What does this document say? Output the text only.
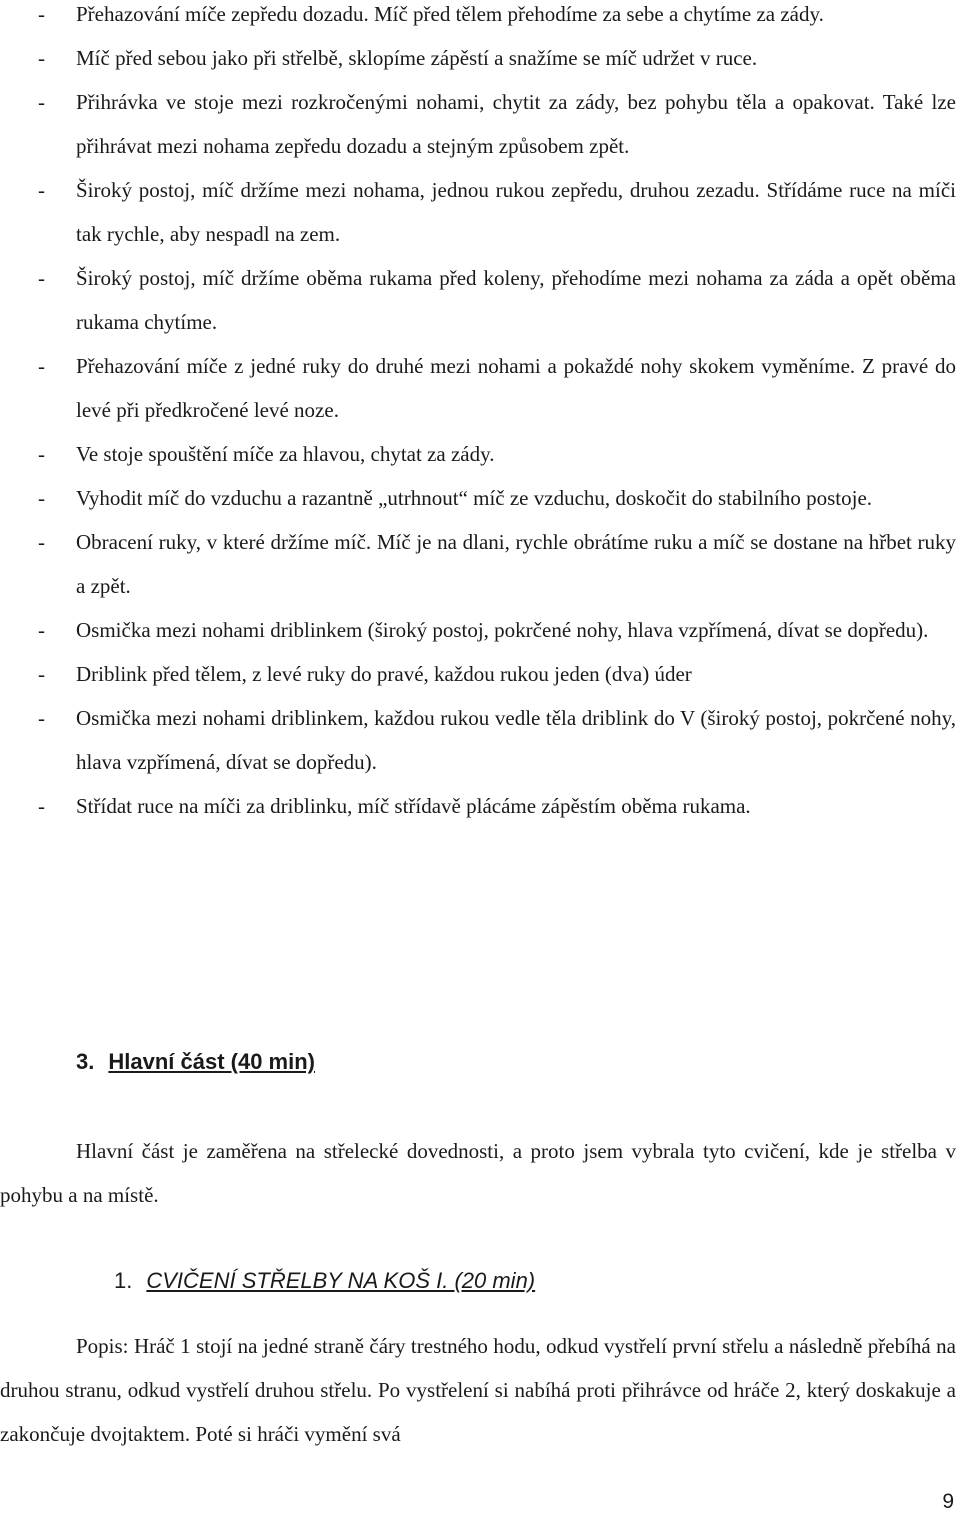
- Přehazování míče zepředu dozadu. Míč před tělem přehodíme za sebe a chytíme za zády.
- Míč před sebou jako při střelbě, sklopíme zápěstí a snažíme se míč udržet v ruce.
- Přihrávka ve stoje mezi rozkročenými nohami, chytit za zády, bez pohybu těla a opakovat. Také lze přihrávat mezi nohama zepředu dozadu a stejným způsobem zpět.
- Široký postoj, míč držíme mezi nohama, jednou rukou zepředu, druhou zezadu. Střídáme ruce na míči tak rychle, aby nespadl na zem.
- Široký postoj, míč držíme oběma rukama před koleny, přehodíme mezi nohama za záda a opět oběma rukama chytíme.
- Přehazování míče z jedné ruky do druhé mezi nohami a pokaždé nohy skokem vyměníme. Z pravé do levé při předkročené levé noze.
- Ve stoje spouštění míče za hlavou, chytat za zády.
- Vyhodit míč do vzduchu a razantně „utrhnout“ míč ze vzduchu, doskočit do stabilního postoje.
- Obracení ruky, v které držíme míč. Míč je na dlani, rychle obrátíme ruku a míč se dostane na hřbet ruky a zpět.
- Osmička mezi nohami driblinkem (široký postoj, pokrčené nohy, hlava vzpřímená, dívat se dopředu).
- Driblink před tělem, z levé ruky do pravé, každou rukou jeden (dva) úder
- Osmička mezi nohami driblinkem, každou rukou vedle těla driblink do V (široký postoj, pokrčené nohy, hlava vzpřímená, dívat se dopředu).
- Střídat ruce na míči za driblinku, míč střídavě plácáme zápěstím oběma rukama.
3. Hlavní část (40 min)

Hlavní část je zaměřena na střelecké dovednosti, a proto jsem vybrala tyto cvičení, kde je střelba v pohybu a na místě.

1. CVIČENÍ STŘELBY NA KOŠ I. (20 min)

Popis: Hráč 1 stojí na jedné straně čáry trestného hodu, odkud vystřelí první střelu a následně přebíhá na druhou stranu, odkud vystřelí druhou střelu. Po vystřelení si nabíhá proti přihrávce od hráče 2, který doskakuje a zakončuje dvojtaktem. Poté si hráči vymění svá

9
